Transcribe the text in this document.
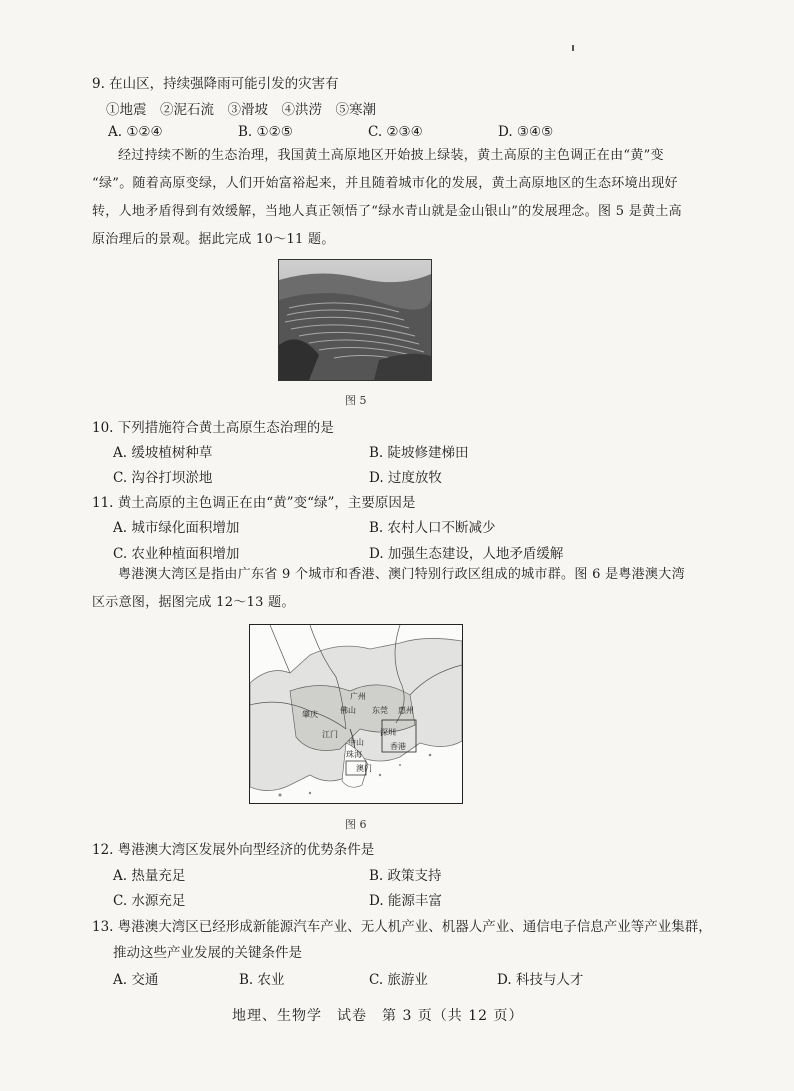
9. 在山区，持续强降雨可能引发的灾害有
①地震　②泥石流　③滑坡　④洪涝　⑤寒潮
A. ①②④	B. ①②⑤	C. ②③④	D. ③④⑤
经过持续不断的生态治理，我国黄土高原地区开始披上绿装，黄土高原的主色调正在由“黄”变
“绿”。随着高原变绿，人们开始富裕起来，并且随着城市化的发展，黄土高原地区的生态环境出现好
转，人地矛盾得到有效缓解，当地人真正领悟了“绿水青山就是金山银山”的发展理念。图 5 是黄土高
原治理后的景观。据此完成 10～11 题。
图 5
10. 下列措施符合黄土高原生态治理的是
A. 缓坡植树种草	B. 陡坡修建梯田
C. 沟谷打坝淤地	D. 过度放牧
11. 黄土高原的主色调正在由“黄”变“绿”，主要原因是
A. 城市绿化面积增加	B. 农村人口不断减少
C. 农业种植面积增加	D. 加强生态建设，人地矛盾缓解
粤港澳大湾区是指由广东省 9 个城市和香港、澳门特别行政区组成的城市群。图 6 是粤港澳大湾
区示意图，据图完成 12～13 题。
广州
肇庆	佛山 东莞 惠州
江门
中山
深圳
珠海
香港
澳门
图 6
12. 粤港澳大湾区发展外向型经济的优势条件是
A. 热量充足	B. 政策支持
C. 水源充足	D. 能源丰富
13. 粤港澳大湾区已经形成新能源汽车产业、无人机产业、机器人产业、通信电子信息产业等产业集群，
推动这些产业发展的关键条件是
A. 交通	B. 农业	C. 旅游业	D. 科技与人才
地理、生物学　试卷　第 3 页（共 12 页）
